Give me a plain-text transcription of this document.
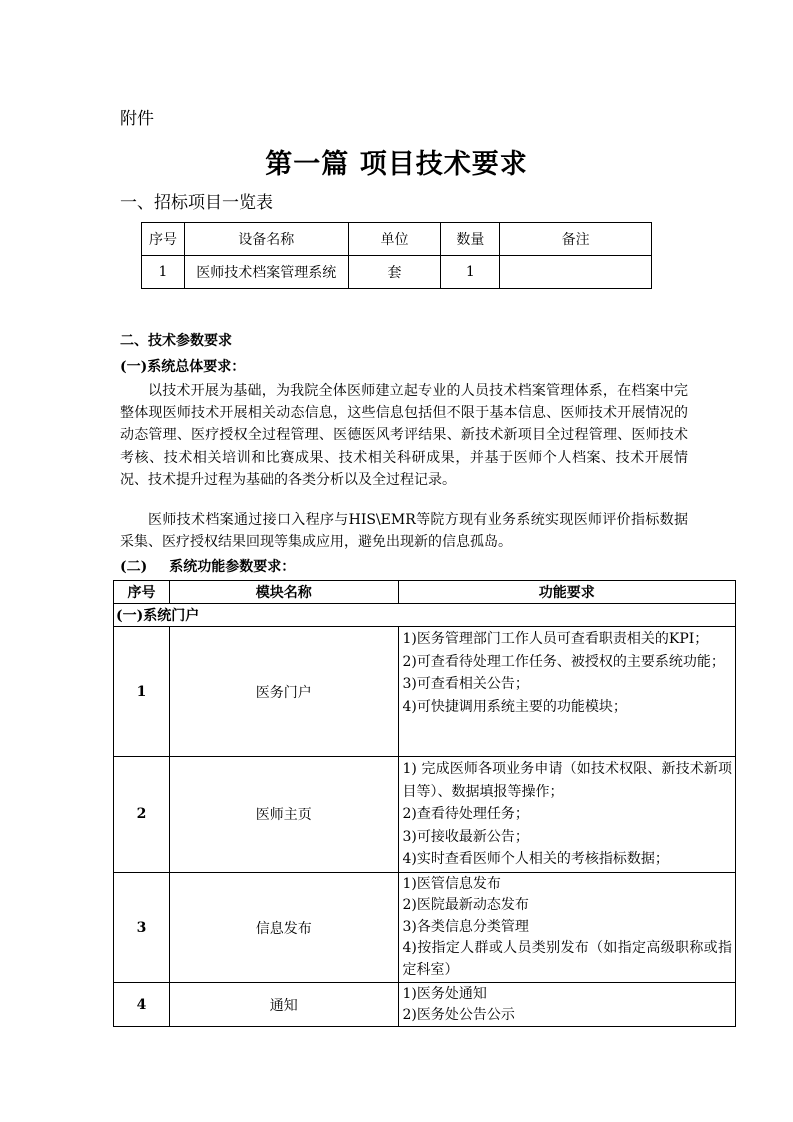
附件
第一篇 项目技术要求
一、招标项目一览表
序号	设备名称	单位	数量	备注
1	医师技术档案管理系统	套	1	
二、技术参数要求
(一)系统总体要求：

以技术开展为基础，为我院全体医师建立起专业的人员技术档案管理体系，在档案中完整体现医师技术开展相关动态信息，这些信息包括但不限于基本信息、医师技术开展情况的动态管理、医疗授权全过程管理、医德医风考评结果、新技术新项目全过程管理、医师技术考核、技术相关培训和比赛成果、技术相关科研成果，并基于医师个人档案、技术开展情况、技术提升过程为基础的各类分析以及全过程记录。

医师技术档案通过接口入程序与HIS\EMR等院方现有业务系统实现医师评价指标数据采集、医疗授权结果回现等集成应用，避免出现新的信息孤岛。

(二) 系统功能参数要求：
序号	模块名称	功能要求
(一)系统门户		
1	医务门户	1)医务管理部门工作人员可查看职责相关的KPI；
2)可查看待处理工作任务、被授权的主要系统功能；
3)可查看相关公告；
4)可快捷调用系统主要的功能模块；

2	医师主页	1) 完成医师各项业务申请（如技术权限、新技术新项目等）、数据填报等操作；
2)查看待处理任务；
3)可接收最新公告；
4)实时查看医师个人相关的考核指标数据；

3	信息发布	1)医管信息发布
2)医院最新动态发布
3)各类信息分类管理
4)按指定人群或人员类别发布（如指定高级职称或指定科室）

4	通知	1)医务处通知
2)医务处公告公示
